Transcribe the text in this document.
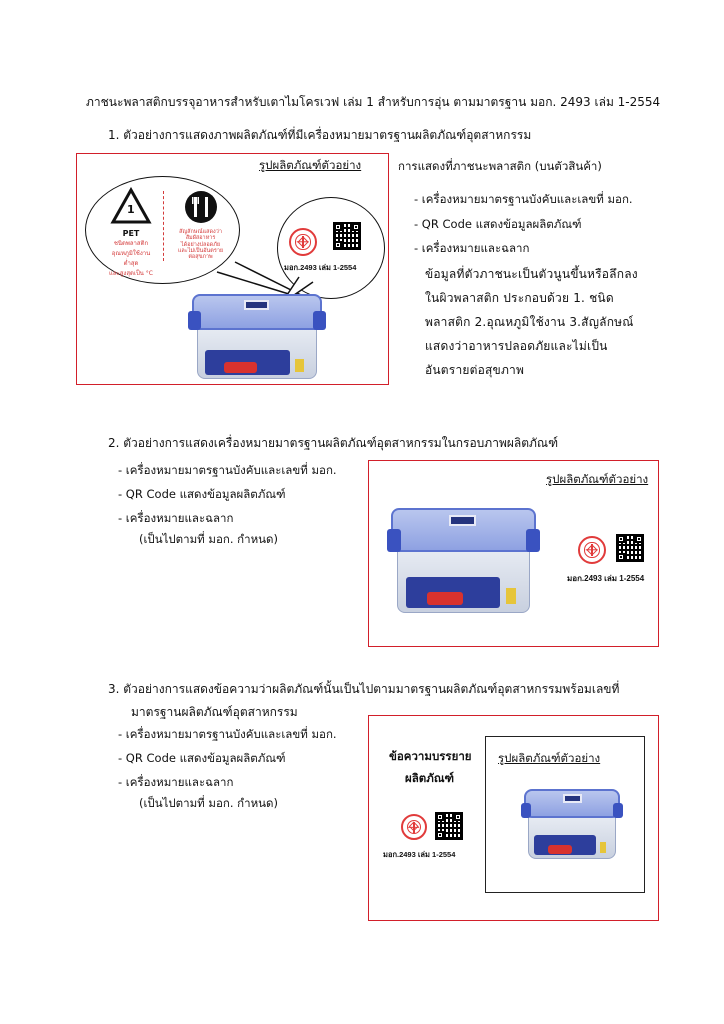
ภาชนะพลาสติกบรรจุอาหารสำหรับเตาไมโครเวฟ เล่ม 1 สำหรับการอุ่น ตามมาตรฐาน มอก. 2493 เล่ม 1-2554
1. ตัวอย่างการแสดงภาพผลิตภัณฑ์ที่มีเครื่องหมายมาตรฐานผลิตภัณฑ์อุตสาหกรรม
รูปผลิตภัณฑ์ตัวอย่าง
1
PET
ชนิดพลาสติก
อุณหภูมิใช้งาน
ต่ำสุด
และสูงสุดเป็น °C
สัญลักษณ์แสดงว่า
สัมผัสอาหาร
ได้อย่างปลอดภัย
และไม่เป็นอันตราย
ต่อสุขภาพ
มอก.2493 เล่ม 1-2554
การแสดงที่ภาชนะพลาสติก (บนตัวสินค้า)
- เครื่องหมายมาตรฐานบังคับและเลขที่ มอก.
- QR Code แสดงข้อมูลผลิตภัณฑ์
- เครื่องหมายและฉลาก
ข้อมูลที่ตัวภาชนะเป็นตัวนูนขึ้นหรือลึกลงในผิวพลาสติก ประกอบด้วย 1. ชนิดพลาสติก 2.อุณหภูมิใช้งาน 3.สัญลักษณ์แสดงว่าอาหารปลอดภัยและไม่เป็นอันตรายต่อสุขภาพ
2. ตัวอย่างการแสดงเครื่องหมายมาตรฐานผลิตภัณฑ์อุตสาหกรรมในกรอบภาพผลิตภัณฑ์
- เครื่องหมายมาตรฐานบังคับและเลขที่ มอก.
- QR Code แสดงข้อมูลผลิตภัณฑ์
- เครื่องหมายและฉลาก
(เป็นไปตามที่ มอก. กำหนด)
รูปผลิตภัณฑ์ตัวอย่าง
มอก.2493 เล่ม 1-2554
3. ตัวอย่างการแสดงข้อความว่าผลิตภัณฑ์นั้นเป็นไปตามมาตรฐานผลิตภัณฑ์อุตสาหกรรมพร้อมเลขที่
มาตรฐานผลิตภัณฑ์อุตสาหกรรม
- เครื่องหมายมาตรฐานบังคับและเลขที่ มอก.
- QR Code แสดงข้อมูลผลิตภัณฑ์
- เครื่องหมายและฉลาก
(เป็นไปตามที่ มอก. กำหนด)
ข้อความบรรยาย
ผลิตภัณฑ์
มอก.2493 เล่ม 1-2554
รูปผลิตภัณฑ์ตัวอย่าง
